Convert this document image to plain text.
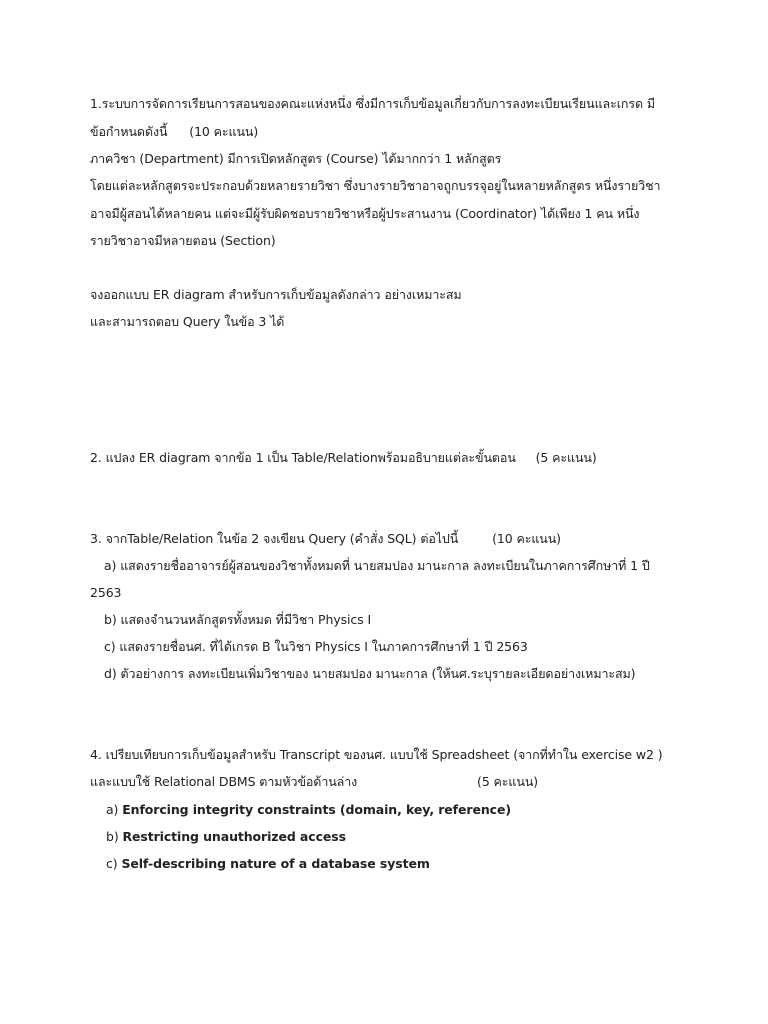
1.ระบบการจัดการเรียนการสอนของคณะแห่งหนึ่ง ซึ่งมีการเก็บข้อมูลเกี่ยวกับการลงทะเบียนเรียนและเกรด มี
ข้อกำหนดดังนี้ (10 คะแนน)
ภาควิชา (Department) มีการเปิดหลักสูตร (Course) ได้มากกว่า 1 หลักสูตร
โดยแต่ละหลักสูตรจะประกอบด้วยหลายรายวิชา ซึ่งบางรายวิชาอาจถูกบรรจุอยู่ในหลายหลักสูตร หนึ่งรายวิชา
อาจมีผู้สอนได้หลายคน แต่จะมีผู้รับผิดชอบรายวิชาหรือผู้ประสานงาน (Coordinator) ได้เพียง 1 คน หนึ่ง
รายวิชาอาจมีหลายตอน (Section)
จงออกแบบ ER diagram สำหรับการเก็บข้อมูลดังกล่าว อย่างเหมาะสม
และสามารถตอบ Query ในข้อ 3 ได้
2. แปลง ER diagram จากข้อ 1 เป็น Table/Relationพร้อมอธิบายแต่ละขั้นตอน (5 คะแนน)
3. จากTable/Relation ในข้อ 2 จงเขียน Query (คำสั่ง SQL) ต่อไปนี้	(10 คะแนน)
a) แสดงรายชื่ออาจารย์ผู้สอนของวิชาทั้งหมดที่ นายสมปอง มานะกาล ลงทะเบียนในภาคการศึกษาที่ 1 ปี
2563
b) แสดงจำนวนหลักสูตรทั้งหมด ที่มีวิชา Physics I
c) แสดงรายชื่อนศ. ที่ได้เกรด B ในวิชา Physics I ในภาคการศึกษาที่ 1 ปี 2563
d) ตัวอย่างการ ลงทะเบียนเพิ่มวิชาของ นายสมปอง มานะกาล (ให้นศ.ระบุรายละเอียดอย่างเหมาะสม)
4. เปรียบเทียบการเก็บข้อมูลสำหรับ Transcript ของนศ. แบบใช้ Spreadsheet (จากที่ทำใน exercise w2 )
และแบบใช้ Relational DBMS ตามหัวข้อด้านล่าง	(5 คะแนน)
a) Enforcing integrity constraints (domain, key, reference)
b) Restricting unauthorized access
c) Self-describing nature of a database system
